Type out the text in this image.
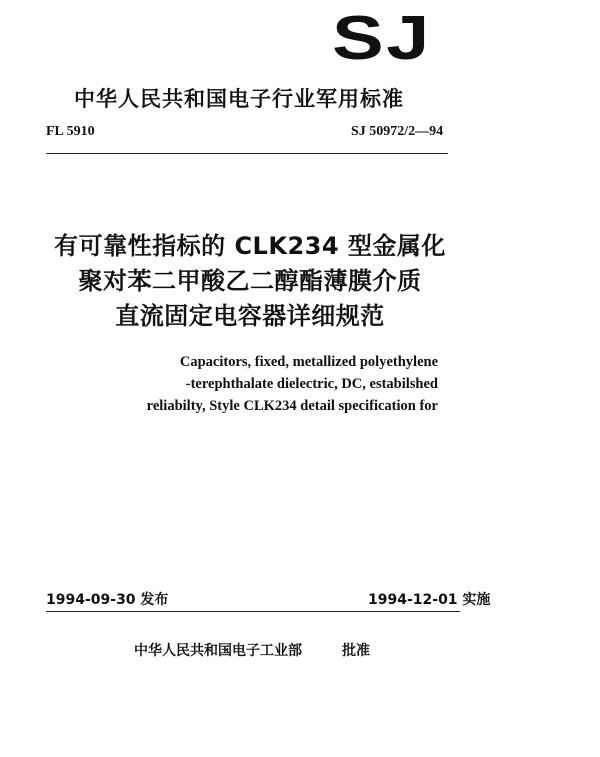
SJ
中华人民共和国电子行业军用标准
FL 5910	SJ 50972/2—94
有可靠性指标的 CLK234 型金属化
聚对苯二甲酸乙二醇酯薄膜介质
直流固定电容器详细规范
Capacitors, fixed, metallized polyethylene
-terephthalate dielectric, DC, estabilshed
reliabilty, Style CLK234 detail specification for
1994-09-30 发布	1994-12-01 实施
中华人民共和国电子工业部	批准
